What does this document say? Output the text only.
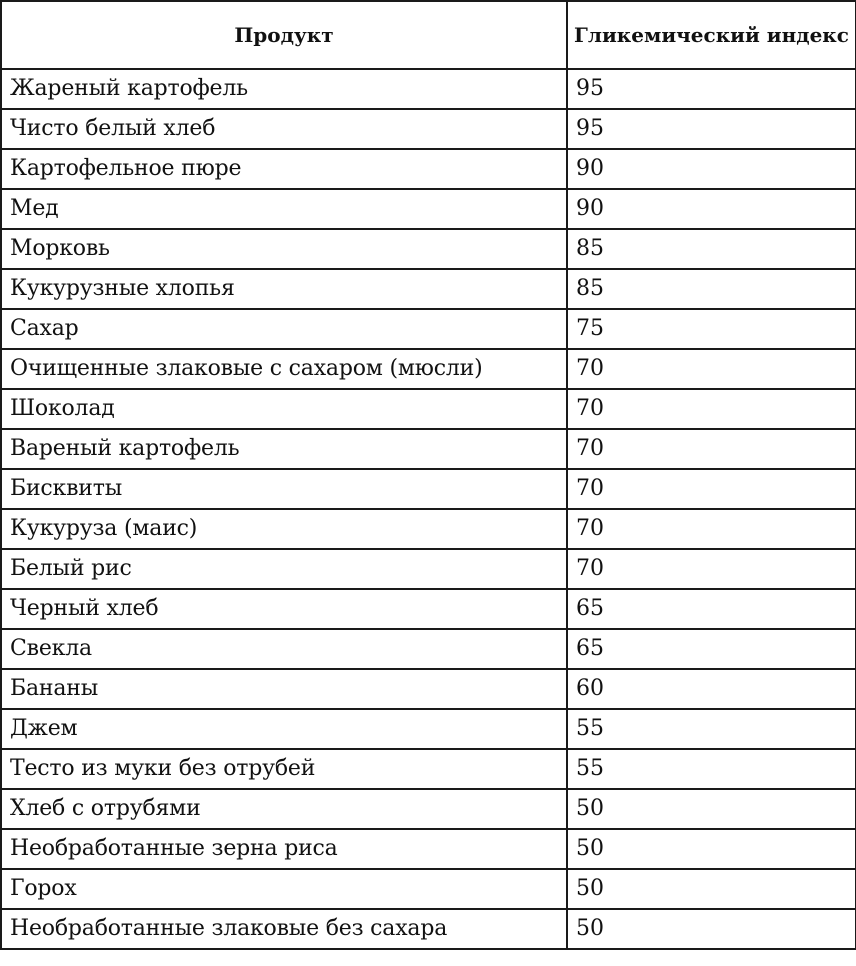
Продукт	Гликемический индекс
Жареный картофель	95
Чисто белый хлеб	95
Картофельное пюре	90
Мед	90
Морковь	85
Кукурузные хлопья	85
Сахар	75
Очищенные злаковые с сахаром (мюсли)	70
Шоколад	70
Вареный картофель	70
Бисквиты	70
Кукуруза (маис)	70
Белый рис	70
Черный хлеб	65
Свекла	65
Бананы	60
Джем	55
Тесто из муки без отрубей	55
Хлеб с отрубями	50
Необработанные зерна риса	50
Горох	50
Необработанные злаковые без сахара	50
